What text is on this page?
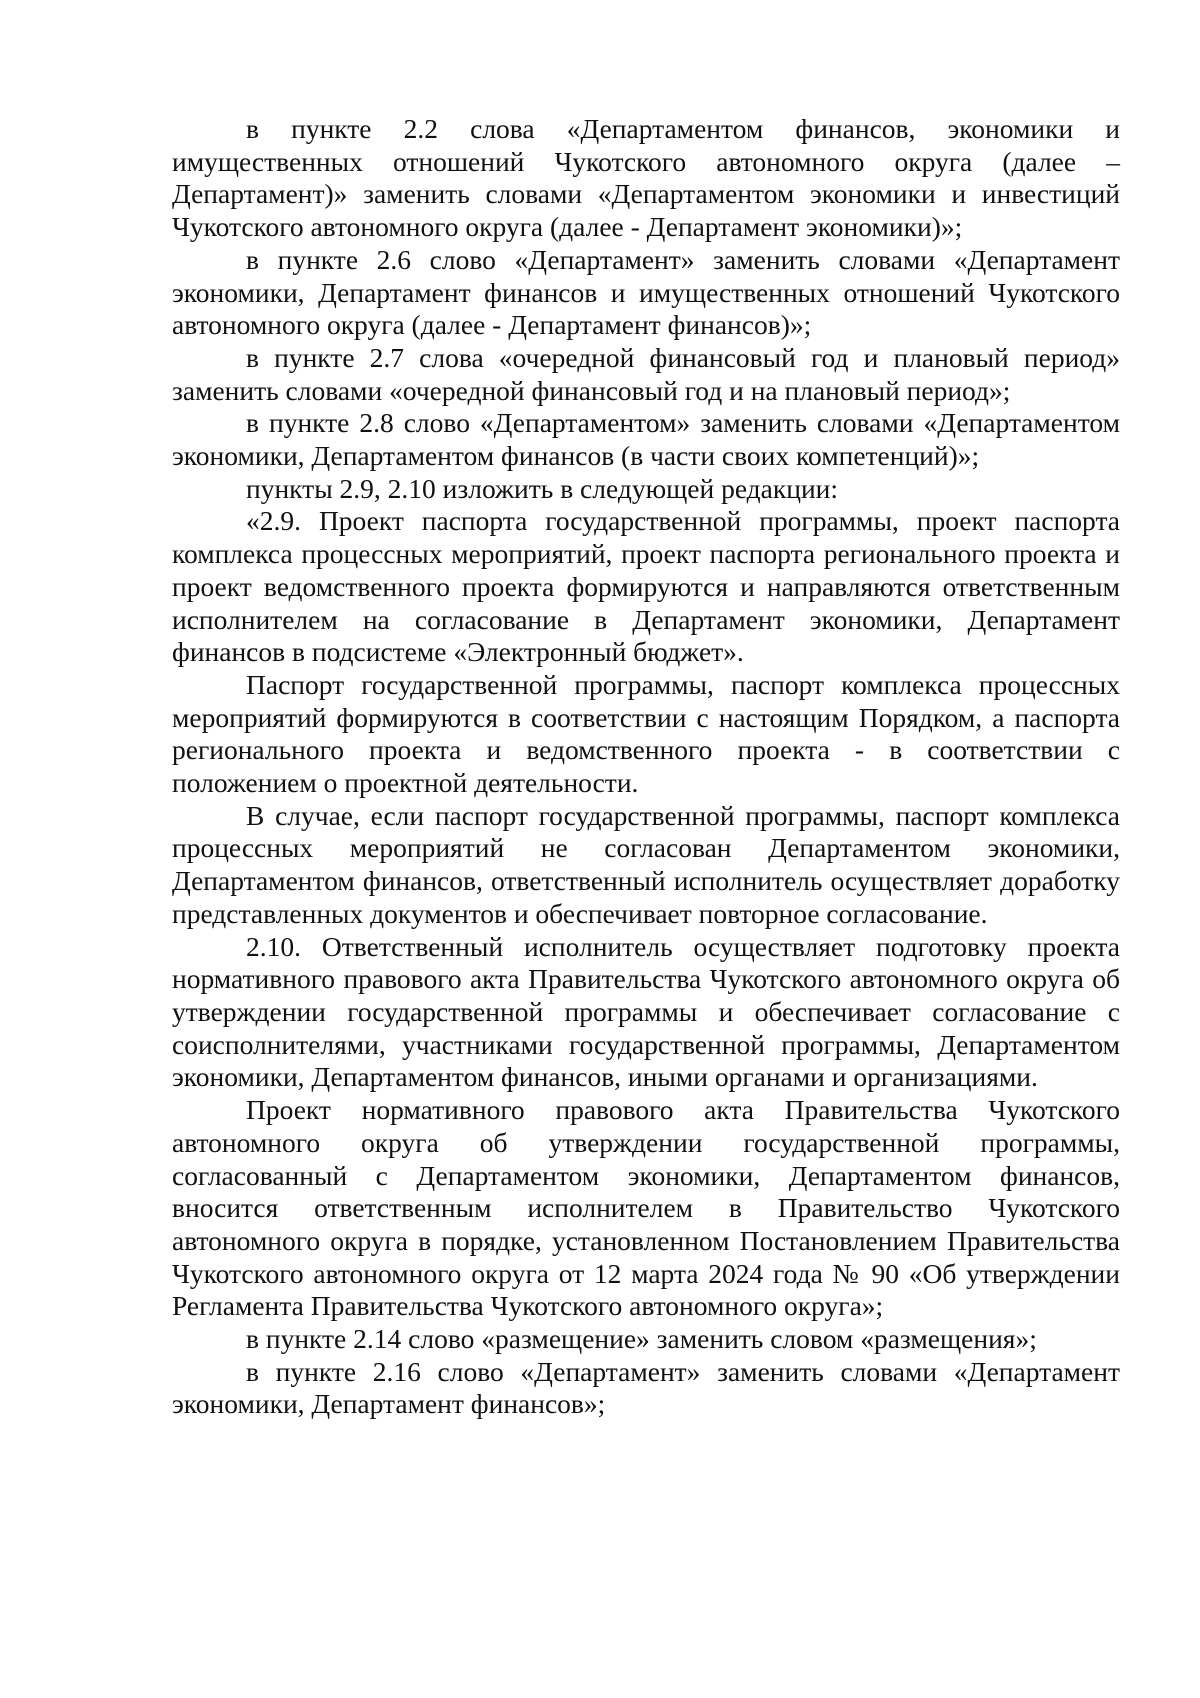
в пункте 2.2 слова «Департаментом финансов, экономики и имущественных отношений Чукотского автономного округа (далее – Департамент)» заменить словами «Департаментом экономики и инвестиций Чукотского автономного округа (далее - Департамент экономики)»;

в пункте 2.6 слово «Департамент» заменить словами «Департамент экономики, Департамент финансов и имущественных отношений Чукотского автономного округа (далее - Департамент финансов)»;

в пункте 2.7 слова «очередной финансовый год и плановый период» заменить словами «очередной финансовый год и на плановый период»;

в пункте 2.8 слово «Департаментом» заменить словами «Департаментом экономики, Департаментом финансов (в части своих компетенций)»;

пункты 2.9, 2.10 изложить в следующей редакции:

«2.9. Проект паспорта государственной программы, проект паспорта комплекса процессных мероприятий, проект паспорта регионального проекта и проект ведомственного проекта формируются и направляются ответственным исполнителем на согласование в Департамент экономики, Департамент финансов в подсистеме «Электронный бюджет».

Паспорт государственной программы, паспорт комплекса процессных мероприятий формируются в соответствии с настоящим Порядком, а паспорта регионального проекта и ведомственного проекта - в соответствии с положением о проектной деятельности.

В случае, если паспорт государственной программы, паспорт комплекса процессных мероприятий не согласован Департаментом экономики, Департаментом финансов, ответственный исполнитель осуществляет доработку представленных документов и обеспечивает повторное согласование.

2.10. Ответственный исполнитель осуществляет подготовку проекта нормативного правового акта Правительства Чукотского автономного округа об утверждении государственной программы и обеспечивает согласование с соисполнителями, участниками государственной программы, Департаментом экономики, Департаментом финансов, иными органами и организациями.

Проект нормативного правового акта Правительства Чукотского автономного округа об утверждении государственной программы, согласованный с Департаментом экономики, Департаментом финансов, вносится ответственным исполнителем в Правительство Чукотского автономного округа в порядке, установленном Постановлением Правительства Чукотского автономного округа от 12 марта 2024 года № 90 «Об утверждении Регламента Правительства Чукотского автономного округа»;

в пункте 2.14 слово «размещение» заменить словом «размещения»;

в пункте 2.16 слово «Департамент» заменить словами «Департамент экономики, Департамент финансов»;
